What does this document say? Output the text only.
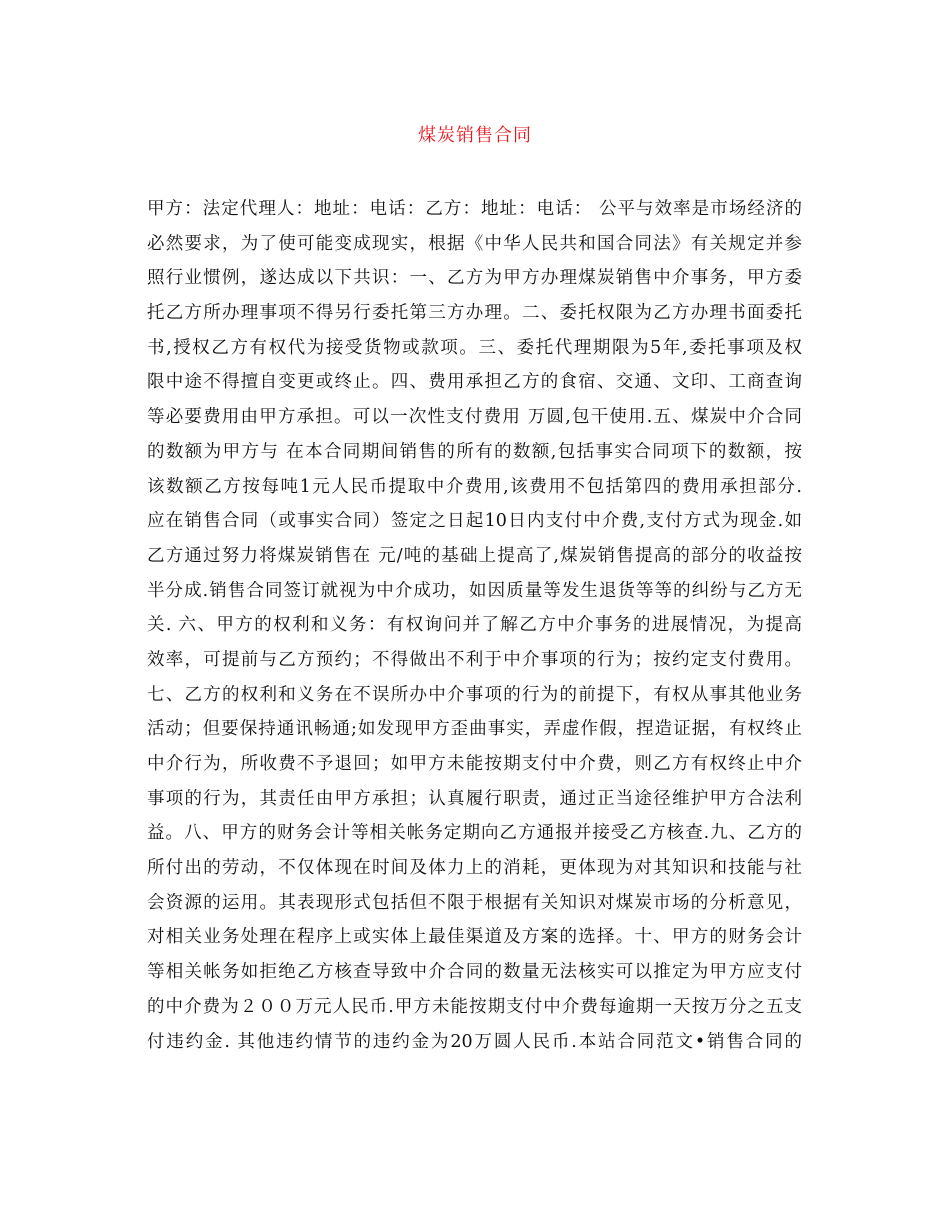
煤炭销售合同
甲方：法定代理人：地址：电话：乙方：地址：电话： 公平与效率是市场经济的
必然要求，为了使可能变成现实，根据《中华人民共和国合同法》有关规定并参
照行业惯例，遂达成以下共识：一、乙方为甲方办理煤炭销售中介事务，甲方委
托乙方所办理事项不得另行委托第三方办理。二、委托权限为乙方办理书面委托
书,授权乙方有权代为接受货物或款项。三、委托代理期限为5年,委托事项及权
限中途不得擅自变更或终止。四、费用承担乙方的食宿、交通、文印、工商查询
等必要费用由甲方承担。可以一次性支付费用 万圆,包干使用.五、煤炭中介合同
的数额为甲方与 在本合同期间销售的所有的数额,包括事实合同项下的数额，按
该数额乙方按每吨1元人民币提取中介费用,该费用不包括第四的费用承担部分.
应在销售合同（或事实合同）签定之日起10日内支付中介费,支付方式为现金.如
乙方通过努力将煤炭销售在 元/吨的基础上提高了,煤炭销售提高的部分的收益按
半分成.销售合同签订就视为中介成功，如因质量等发生退货等等的纠纷与乙方无
关. 六、甲方的权利和义务：有权询问并了解乙方中介事务的进展情况，为提高
效率，可提前与乙方预约；不得做出不利于中介事项的行为；按约定支付费用。
七、乙方的权利和义务在不误所办中介事项的行为的前提下，有权从事其他业务
活动；但要保持通讯畅通;如发现甲方歪曲事实，弄虚作假，捏造证据，有权终止
中介行为，所收费不予退回；如甲方未能按期支付中介费，则乙方有权终止中介
事项的行为，其责任由甲方承担；认真履行职责，通过正当途径维护甲方合法利
益。八、甲方的财务会计等相关帐务定期向乙方通报并接受乙方核查.九、乙方的
所付出的劳动，不仅体现在时间及体力上的消耗，更体现为对其知识和技能与社
会资源的运用。其表现形式包括但不限于根据有关知识对煤炭市场的分析意见，
对相关业务处理在程序上或实体上最佳渠道及方案的选择。十、甲方的财务会计
等相关帐务如拒绝乙方核查导致中介合同的数量无法核实可以推定为甲方应支付
的中介费为２００万元人民币.甲方未能按期支付中介费每逾期一天按万分之五支
付违约金. 其他违约情节的违约金为20万圆人民币.本站合同范文•销售合同的
